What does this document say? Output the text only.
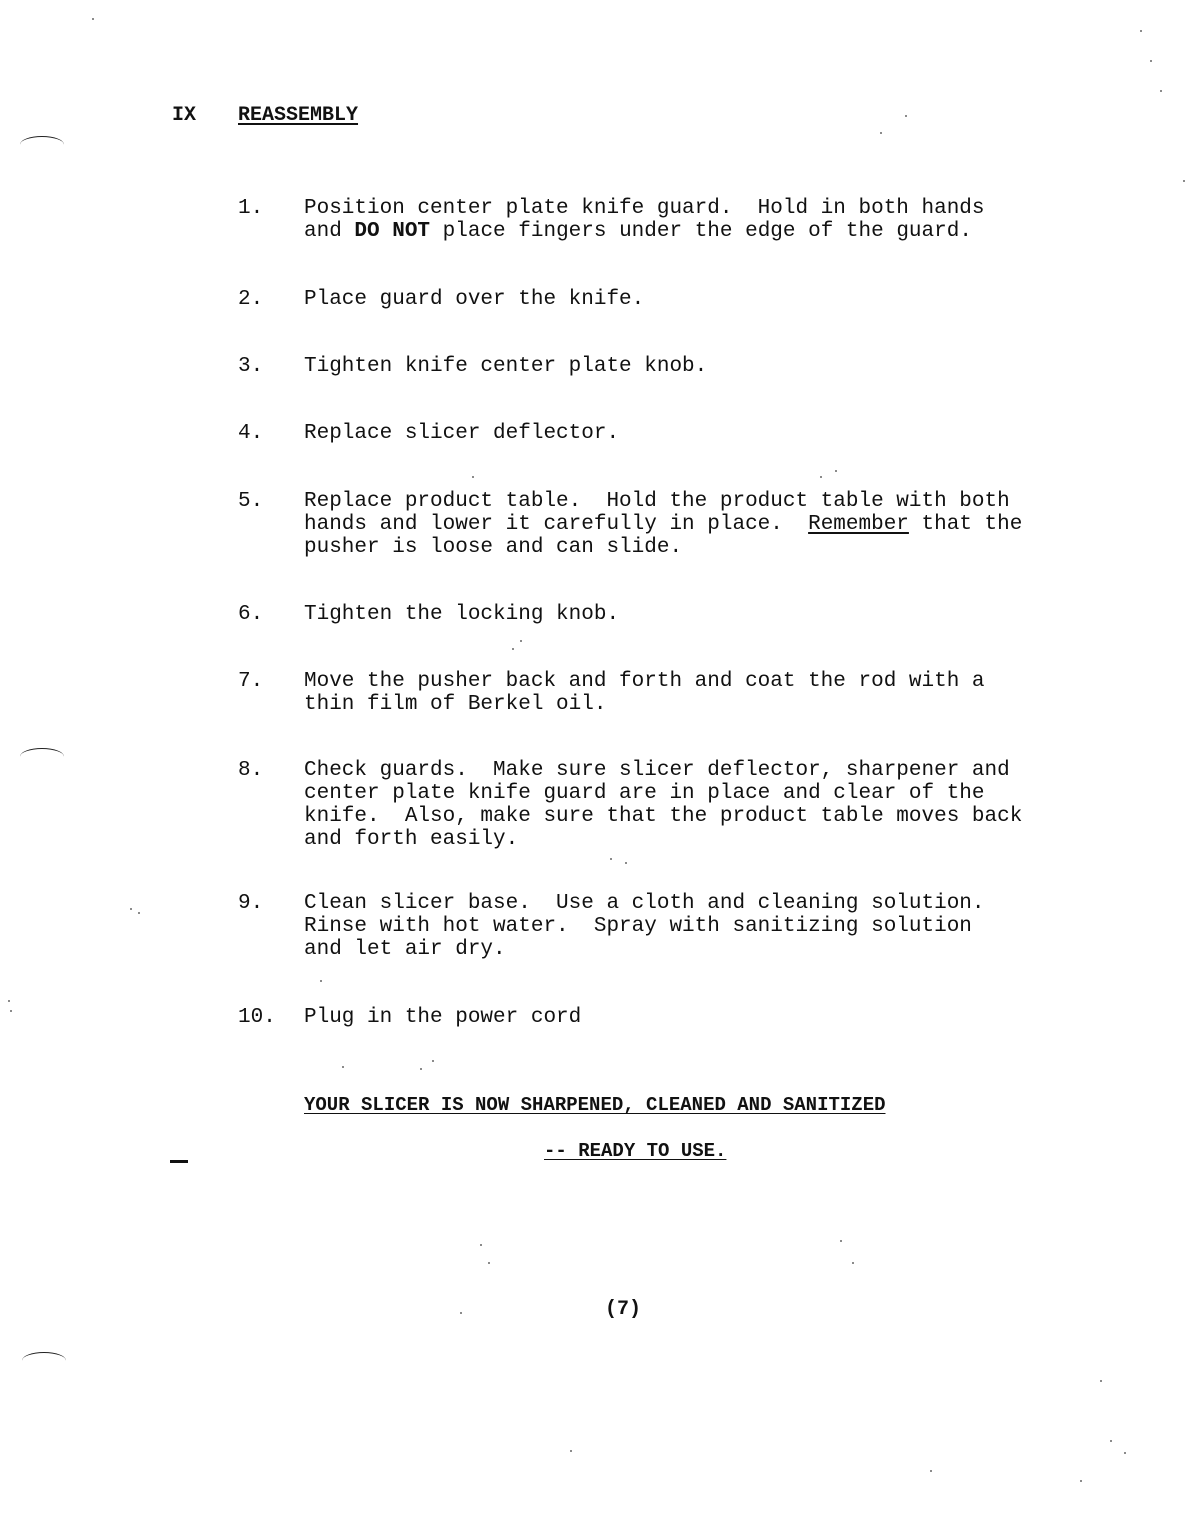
IX REASSEMBLY
1. Position center plate knife guard.  Hold in both hands
and DO NOT place fingers under the edge of the guard.
2. Place guard over the knife.
3. Tighten knife center plate knob.
4. Replace slicer deflector.
5. Replace product table.  Hold the product table with both
hands and lower it carefully in place.  Remember that the
pusher is loose and can slide.
6. Tighten the locking knob.
7. Move the pusher back and forth and coat the rod with a
thin film of Berkel oil.
8. Check guards.  Make sure slicer deflector, sharpener and
center plate knife guard are in place and clear of the
knife.  Also, make sure that the product table moves back
and forth easily.
9. Clean slicer base.  Use a cloth and cleaning solution.
Rinse with hot water.  Spray with sanitizing solution
and let air dry.
10. Plug in the power cord
YOUR SLICER IS NOW SHARPENED, CLEANED AND SANITIZED
-- READY TO USE.
(7)
